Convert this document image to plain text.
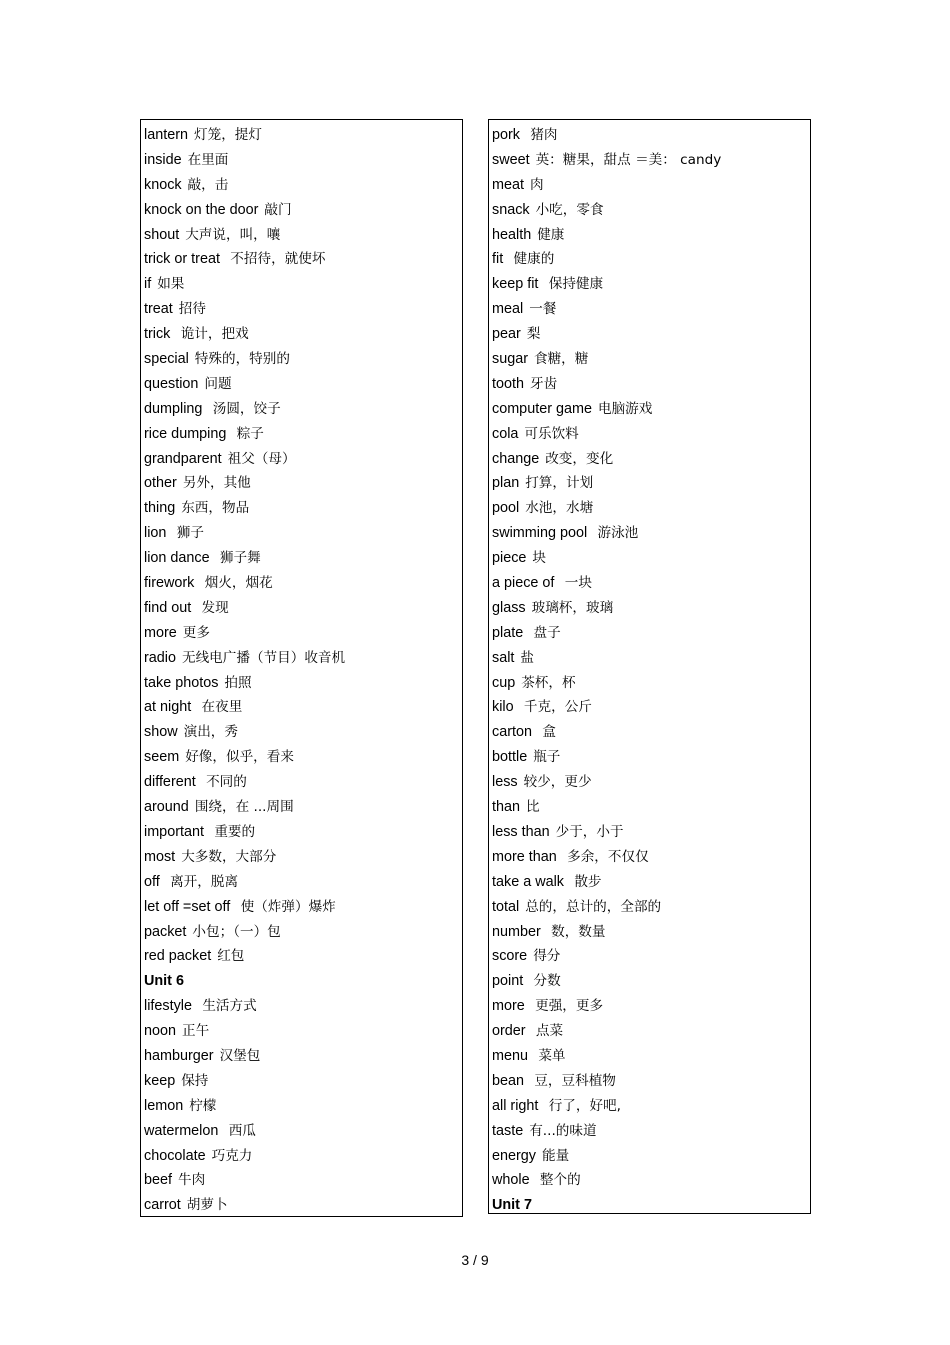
lantern 灯笼，提灯
inside 在里面
knock 敲，击
knock on the door 敲门
shout 大声说，叫，嚷
trick or treat 不招待，就使坏
if 如果
treat 招待
trick 诡计，把戏
special 特殊的，特别的
question 问题
dumpling 汤圆，饺子
rice dumping 粽子
grandparent 祖父（母）
other 另外，其他
thing 东西，物品
lion 狮子
lion dance 狮子舞
firework 烟火，烟花
find out 发现
more 更多
radio 无线电广播（节目）收音机
take photos 拍照
at night 在夜里
show 演出，秀
seem 好像，似乎，看来
different 不同的
around 围绕，在 ...周围
important 重要的
most 大多数，大部分
off 离开，脱离
let off =set off 使（炸弹）爆炸
packet 小包；（一）包
red packet 红包
Unit 6
lifestyle 生活方式
noon 正午
hamburger 汉堡包
keep 保持
lemon 柠檬
watermelon 西瓜
chocolate 巧克力
beef 牛肉
carrot 胡萝卜
pork 猪肉
sweet 英：糖果，甜点 ＝美： candy
meat 肉
snack 小吃，零食
health 健康
fit 健康的
keep fit 保持健康
meal 一餐
pear 梨
sugar 食糖，糖
tooth 牙齿
computer game 电脑游戏
cola 可乐饮料
change 改变，变化
plan 打算，计划
pool 水池，水塘
swimming pool 游泳池
piece 块
a piece of 一块
glass 玻璃杯，玻璃
plate 盘子
salt 盐
cup 茶杯，杯
kilo 千克，公斤
carton 盒
bottle 瓶子
less 较少，更少
than 比
less than 少于，小于
more than 多余，不仅仅
take a walk 散步
total 总的，总计的，全部的
number 数，数量
score 得分
point 分数
more 更强，更多
order 点菜
menu 菜单
bean 豆，豆科植物
all right 行了，好吧,
taste 有...的味道
energy 能量
whole 整个的
Unit 7
3 / 9
